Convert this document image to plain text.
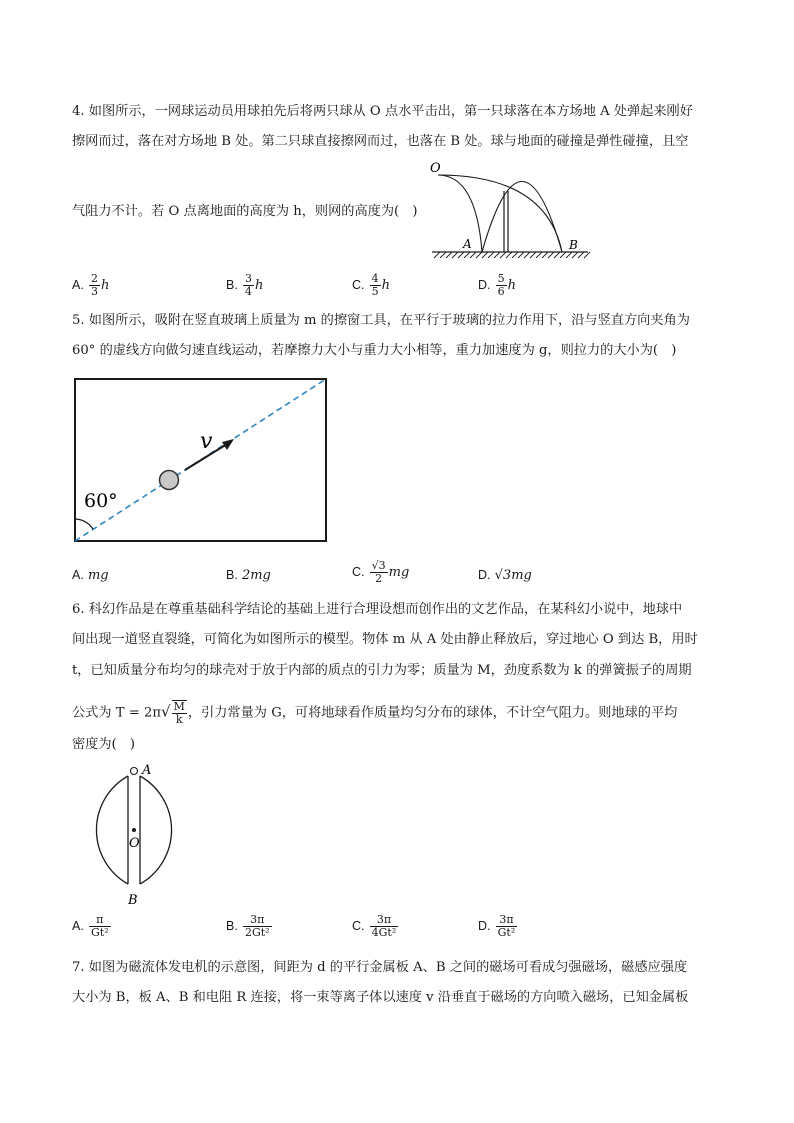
4. 如图所示，一网球运动员用球拍先后将两只球从 O 点水平击出，第一只球落在本方场地 A 处弹起来刚好
擦网而过，落在对方场地 B 处。第二只球直接擦网而过，也落在 B 处。球与地面的碰撞是弹性碰撞，且空
气阻力不计。若 O 点离地面的高度为 h，则网的高度为(　)
O
A	B
A. $\frac{2}{3}$ h	B. $\frac{3}{4}$ h	C. $\frac{4}{5}$ h	D. $\frac{5}{6}$ h
5. 如图所示，吸附在竖直玻璃上质量为 m 的擦窗工具，在平行于玻璃的拉力作用下，沿与竖直方向夹角为
60° 的虚线方向做匀速直线运动，若摩擦力大小与重力大小相等，重力加速度为 g，则拉力的大小为(　)
60°
v
A. mg	B. 2mg	C. $\frac{√3}{2}$ mg	D. √3mg
6. 科幻作品是在尊重基础科学结论的基础上进行合理设想而创作出的文艺作品，在某科幻小说中，地球中
间出现一道竖直裂缝，可简化为如图所示的模型。物体 m 从 A 处由静止释放后，穿过地心 O 到达 B，用时
t，已知质量分布均匀的球壳对于放于内部的质点的引力为零；质量为 M，劲度系数为 k 的弹簧振子的周期
公式为 $T = 2\pi√ \frac{M}{k}$ ，引力常量为 G，可将地球看作质量均匀分布的球体，不计空气阻力。则地球的平均
密度为(　)
A
O
B
A. $\frac{\pi}{\text{Gt²}}$	B. $\frac{3\pi}{\text{2Gt²}}$	C. $\frac{3\pi}{\text{4Gt²}}$	D. $\frac{3\pi}{\text{Gt²}}$
7. 如图为磁流体发电机的示意图，间距为 d 的平行金属板 A、B 之间的磁场可看成匀强磁场，磁感应强度
大小为 B，板 A、B 和电阻 R 连接，将一束等离子体以速度 v 沿垂直于磁场的方向喷入磁场，已知金属板
